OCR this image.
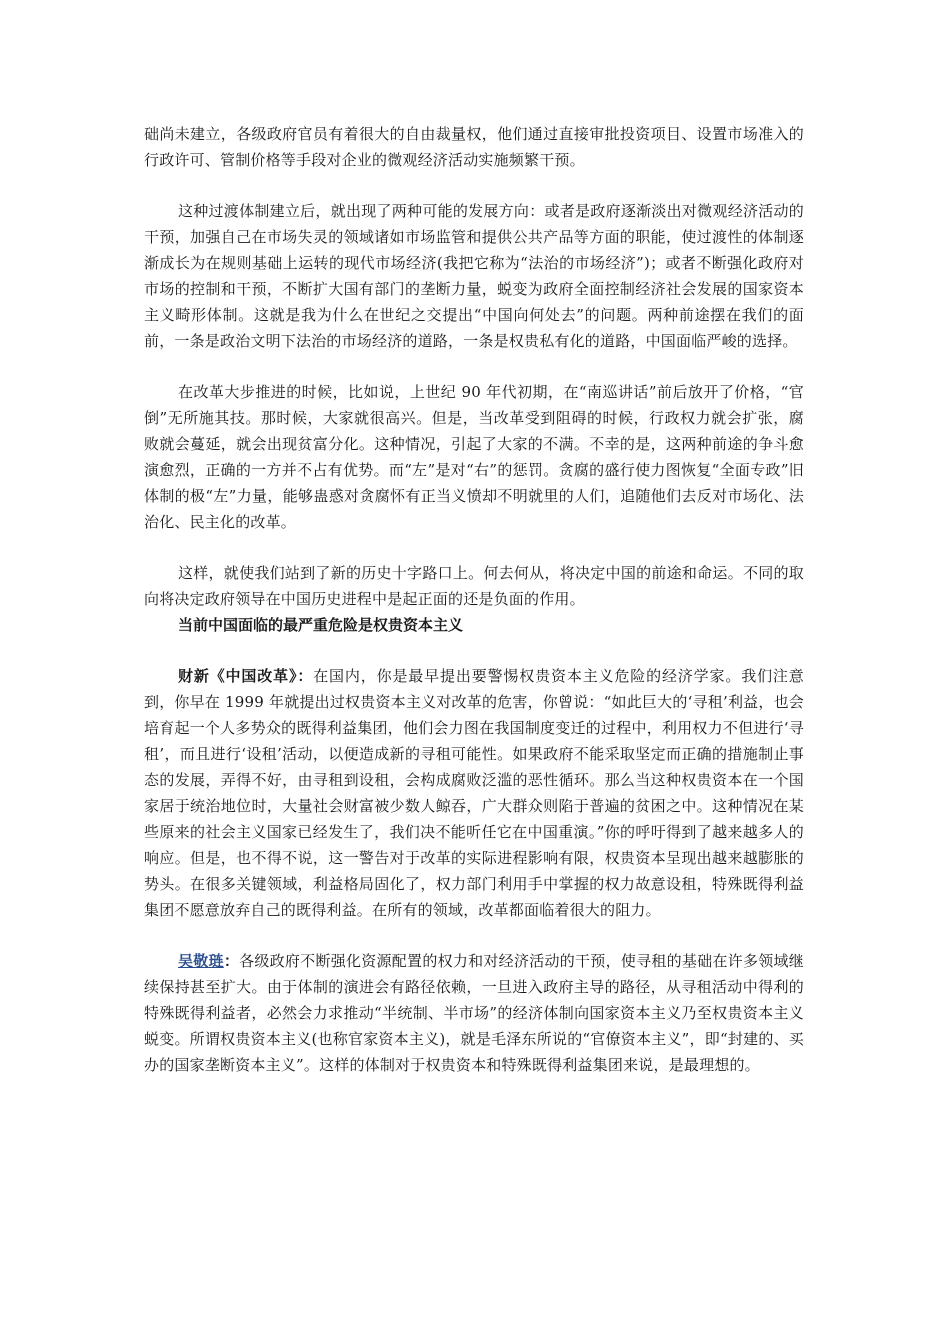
础尚未建立，各级政府官员有着很大的自由裁量权，他们通过直接审批投资项目、设置市场准入的行政许可、管制价格等手段对企业的微观经济活动实施频繁干预。

这种过渡体制建立后，就出现了两种可能的发展方向：或者是政府逐渐淡出对微观经济活动的干预，加强自己在市场失灵的领域诸如市场监管和提供公共产品等方面的职能，使过渡性的体制逐渐成长为在规则基础上运转的现代市场经济(我把它称为“法治的市场经济”)；或者不断强化政府对市场的控制和干预，不断扩大国有部门的垄断力量，蜕变为政府全面控制经济社会发展的国家资本主义畸形体制。这就是我为什么在世纪之交提出“中国向何处去”的问题。两种前途摆在我们的面前，一条是政治文明下法治的市场经济的道路，一条是权贵私有化的道路，中国面临严峻的选择。

在改革大步推进的时候，比如说，上世纪 90 年代初期，在“南巡讲话”前后放开了价格，“官倒”无所施其技。那时候，大家就很高兴。但是，当改革受到阻碍的时候，行政权力就会扩张，腐败就会蔓延，就会出现贫富分化。这种情况，引起了大家的不满。不幸的是，这两种前途的争斗愈演愈烈，正确的一方并不占有优势。而“左”是对“右”的惩罚。贪腐的盛行使力图恢复“全面专政”旧体制的极“左”力量，能够蛊惑对贪腐怀有正当义愤却不明就里的人们，追随他们去反对市场化、法治化、民主化的改革。

这样，就使我们站到了新的历史十字路口上。何去何从，将决定中国的前途和命运。不同的取向将决定政府领导在中国历史进程中是起正面的还是负面的作用。

当前中国面临的最严重危险是权贵资本主义

财新《中国改革》：在国内，你是最早提出要警惕权贵资本主义危险的经济学家。我们注意到，你早在 1999 年就提出过权贵资本主义对改革的危害，你曾说：“如此巨大的‘寻租’利益，也会培育起一个人多势众的既得利益集团，他们会力图在我国制度变迁的过程中，利用权力不但进行‘寻租’，而且进行‘设租’活动，以便造成新的寻租可能性。如果政府不能采取坚定而正确的措施制止事态的发展，弄得不好，由寻租到设租，会构成腐败泛滥的恶性循环。那么当这种权贵资本在一个国家居于统治地位时，大量社会财富被少数人鲸吞，广大群众则陷于普遍的贫困之中。这种情况在某些原来的社会主义国家已经发生了，我们决不能听任它在中国重演。”你的呼吁得到了越来越多人的响应。但是，也不得不说，这一警告对于改革的实际进程影响有限，权贵资本呈现出越来越膨胀的势头。在很多关键领域，利益格局固化了，权力部门利用手中掌握的权力故意设租，特殊既得利益集团不愿意放弃自己的既得利益。在所有的领域，改革都面临着很大的阻力。

吴敬琏：各级政府不断强化资源配置的权力和对经济活动的干预，使寻租的基础在许多领域继续保持甚至扩大。由于体制的演进会有路径依赖，一旦进入政府主导的路径，从寻租活动中得利的特殊既得利益者，必然会力求推动“半统制、半市场”的经济体制向国家资本主义乃至权贵资本主义蜕变。所谓权贵资本主义(也称官家资本主义)，就是毛泽东所说的“官僚资本主义”，即“封建的、买办的国家垄断资本主义”。这样的体制对于权贵资本和特殊既得利益集团来说，是最理想的。
